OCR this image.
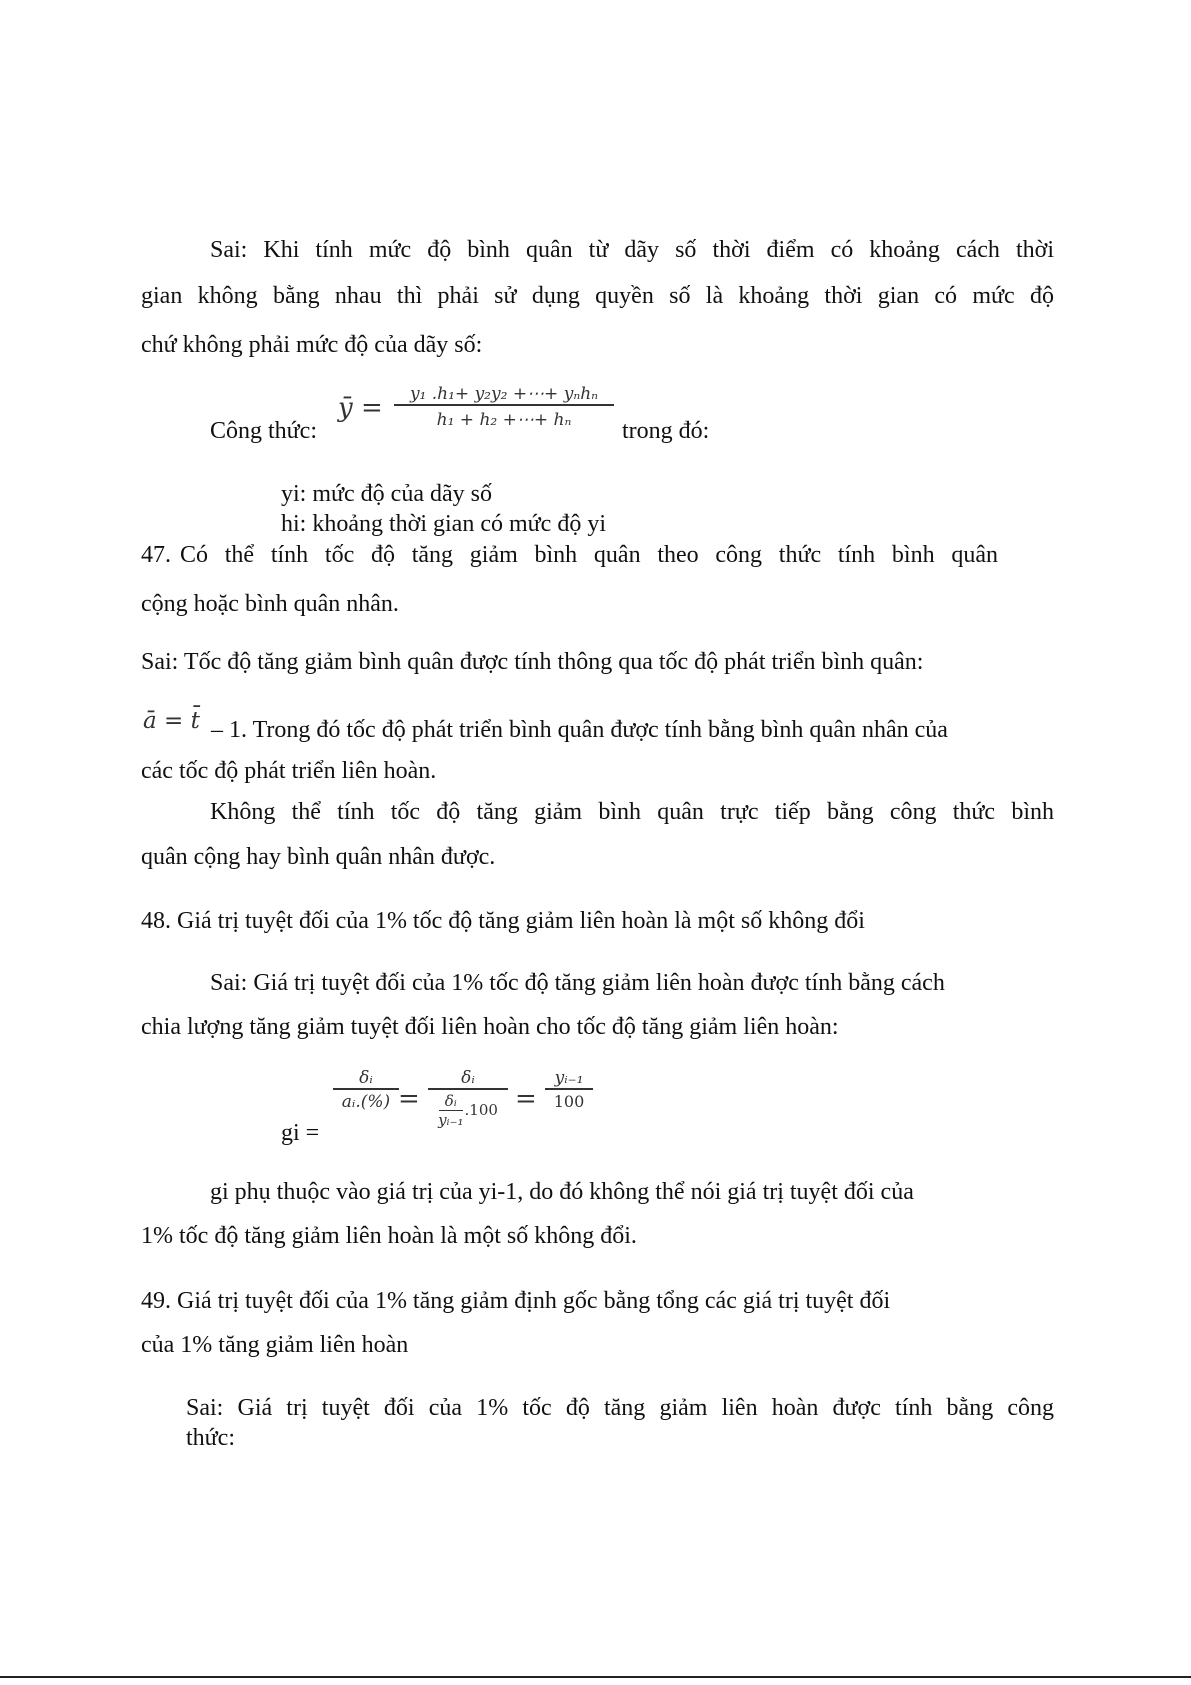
Sai: Khi tính mức độ bình quân từ dãy số thời điểm có khoảng cách thời
gian không bằng nhau thì phải sử dụng quyền số là khoảng thời gian có mức độ
chứ không phải mức độ của dãy số:
Công thức:
ȳ = y₁ .h₁+ y₂y₂ +⋯+ yₙhₙ
h₁ + h₂ +⋯+ hₙ trong đó:
yi: mức độ của dãy số
hi: khoảng thời gian có mức độ yi
47. Có thể tính tốc độ tăng giảm bình quân theo công thức tính bình quân
cộng hoặc bình quân nhân.
Sai: Tốc độ tăng giảm bình quân được tính thông qua tốc độ phát triển bình quân:
ā = t̄ – 1. Trong đó tốc độ phát triển bình quân được tính bằng bình quân nhân của
các tốc độ phát triển liên hoàn.
Không thể tính tốc độ tăng giảm bình quân trực tiếp bằng công thức bình
quân cộng hay bình quân nhân được.
48. Giá trị tuyệt đối của 1% tốc độ tăng giảm liên hoàn là một số không đổi
Sai: Giá trị tuyệt đối của 1% tốc độ tăng giảm liên hoàn được tính bằng cách
chia lượng tăng giảm tuyệt đối liên hoàn cho tốc độ tăng giảm liên hoàn:
gi =
δᵢ
aᵢ.(%) =
δᵢ
$\frac{\text{δᵢ}}{\text{yᵢ₋₁}} .100$ =
yᵢ₋₁
100
gi phụ thuộc vào giá trị của yi-1, do đó không thể nói giá trị tuyệt đối của
1% tốc độ tăng giảm liên hoàn là một số không đổi.
49. Giá trị tuyệt đối của 1% tăng giảm định gốc bằng tổng các giá trị tuyệt đối
của 1% tăng giảm liên hoàn
Sai: Giá trị tuyệt đối của 1% tốc độ tăng giảm liên hoàn được tính bằng công
thức:
